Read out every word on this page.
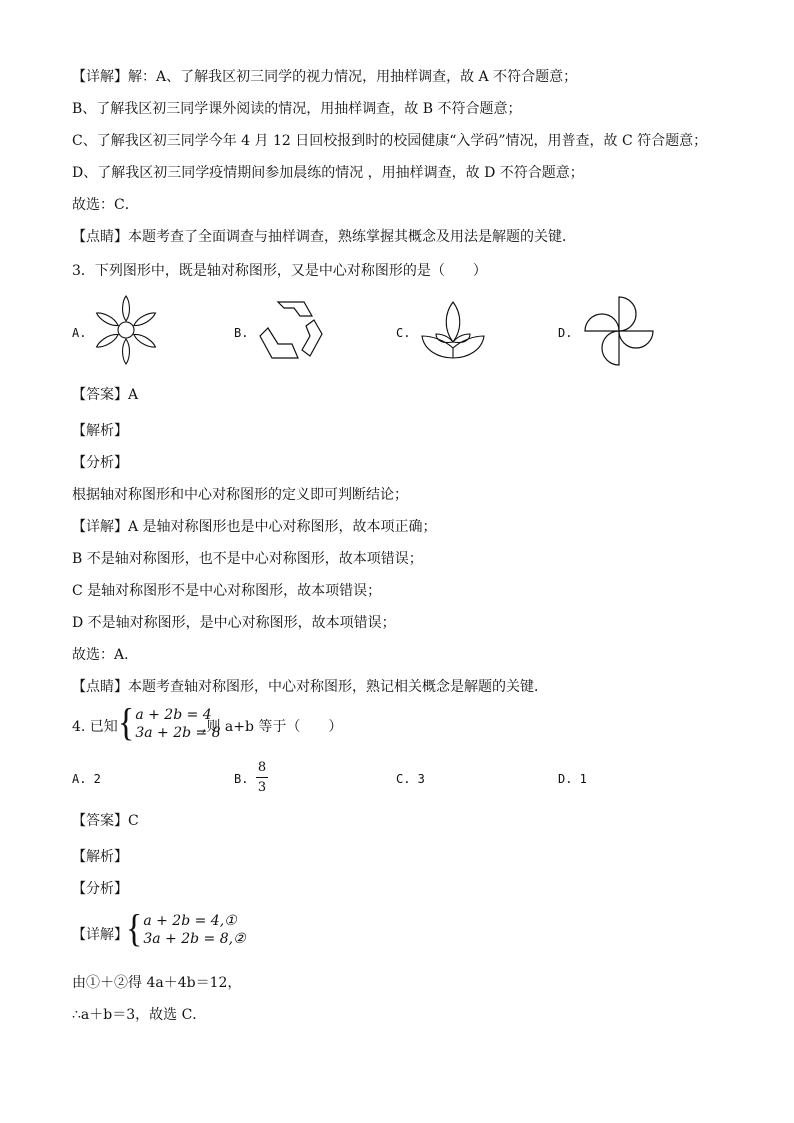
【详解】解：A、了解我区初三同学的视力情况，用抽样调查，故 A 不符合题意；
B、了解我区初三同学课外阅读的情况，用抽样调查，故 B 不符合题意；
C、了解我区初三同学今年 4 月 12 日回校报到时的校园健康“入学码”情况，用普查，故 C 符合题意；
D、了解我区初三同学疫情期间参加晨练的情况 ，用抽样调查，故 D 不符合题意；
故选：C．
【点睛】本题考查了全面调查与抽样调查，熟练掌握其概念及用法是解题的关键．
3．下列图形中，既是轴对称图形，又是中心对称图形的是（　　）
A.	B.	C.	D.
【答案】A
【解析】
【分析】
根据轴对称图形和中心对称图形的定义即可判断结论；
【详解】A 是轴对称图形也是中心对称图形，故本项正确；
B 不是轴对称图形，也不是中心对称图形，故本项错误；
C 是轴对称图形不是中心对称图形，故本项错误；
D 不是轴对称图形，是中心对称图形，故本项错误；
故选：A．
【点睛】本题考查轴对称图形，中心对称图形，熟记相关概念是解题的关键．
4. 已知 { a + 2b = 4
3a + 2b = 8
,则 a+b 等于（　　）
A. 2	B.
8
3
C. 3	D. 1
【答案】C
【解析】
【分析】
【详解】
{ a + 2b = 4,①
3a + 2b = 8,②
由①＋②得 4a＋4b＝12，
∴a＋b＝3，故选 C．
